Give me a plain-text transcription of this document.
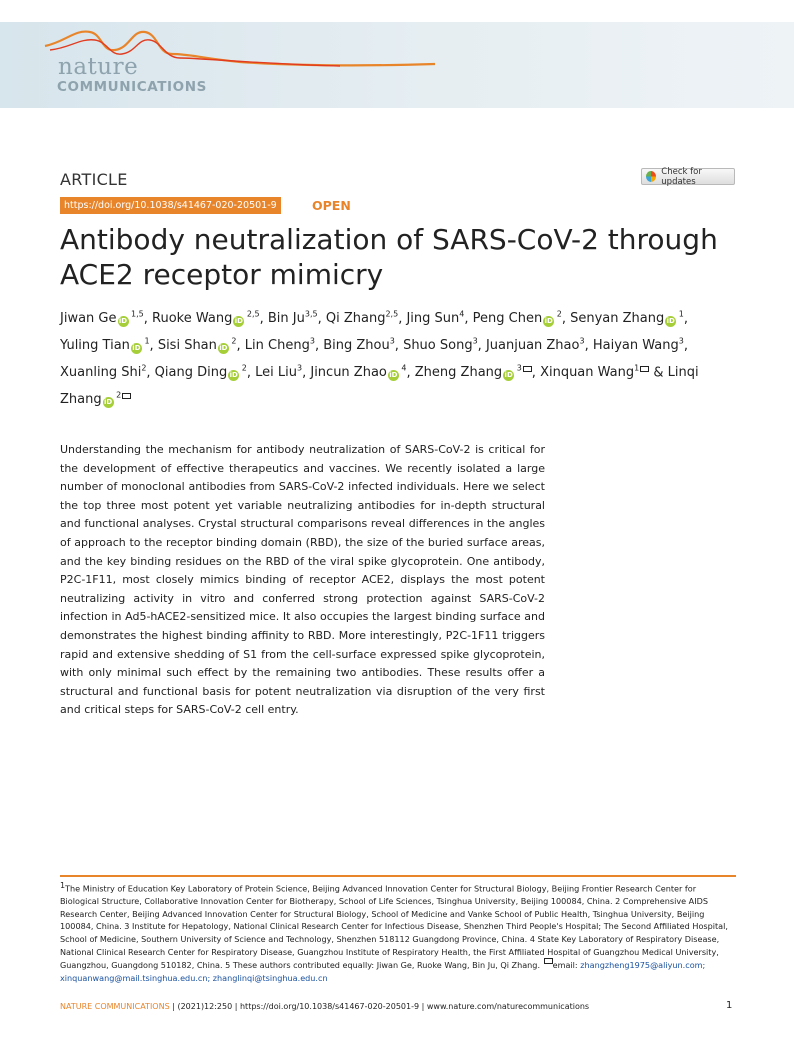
nature
COMMUNICATIONS
ARTICLE	Check for updates
https://doi.org/10.1038/s41467-020-20501-9	OPEN
Antibody neutralization of SARS-CoV-2 through ACE2 receptor mimicry
Jiwan Ge iD $^{1,5}$, Ruoke Wang iD $^{2,5}$, Bin Ju$^{3,5}$, Qi Zhang$^{2,5}$, Jing Sun$^4$, Peng Chen iD $^2$, Senyan Zhang iD $^1$, Yuling Tian iD $^1$, Sisi Shan iD $^2$, Lin Cheng$^3$, Bing Zhou$^3$, Shuo Song$^3$, Juanjuan Zhao$^3$, Haiyan Wang$^3$, Xuanling Shi$^2$, Qiang Ding iD $^2$, Lei Liu$^3$, Jincun Zhao iD $^4$, Zheng Zhang iD $^3$ , Xinquan Wang$^1$ & Linqi Zhang iD $^2$

Understanding the mechanism for antibody neutralization of SARS-CoV-2 is critical for the development of effective therapeutics and vaccines. We recently isolated a large number of monoclonal antibodies from SARS-CoV-2 infected individuals. Here we select the top three most potent yet variable neutralizing antibodies for in-depth structural and functional analyses. Crystal structural comparisons reveal differences in the angles of approach to the receptor binding domain (RBD), the size of the buried surface areas, and the key binding residues on the RBD of the viral spike glycoprotein. One antibody, P2C-1F11, most closely mimics binding of receptor ACE2, displays the most potent neutralizing activity in vitro and conferred strong protection against SARS-CoV-2 infection in Ad5-hACE2-sensitized mice. It also occupies the largest binding surface and demonstrates the highest binding affinity to RBD. More interestingly, P2C-1F11 triggers rapid and extensive shedding of S1 from the cell-surface expressed spike glycoprotein, with only minimal such effect by the remaining two antibodies. These results offer a structural and functional basis for potent neutralization via disruption of the very first and critical steps for SARS-CoV-2 cell entry.

$^1$The Ministry of Education Key Laboratory of Protein Science, Beijing Advanced Innovation Center for Structural Biology, Beijing Frontier Research Center for Biological Structure, Collaborative Innovation Center for Biotherapy, School of Life Sciences, Tsinghua University, Beijing 100084, China. 2 Comprehensive AIDS Research Center, Beijing Advanced Innovation Center for Structural Biology, School of Medicine and Vanke School of Public Health, Tsinghua University, Beijing 100084, China. 3 Institute for Hepatology, National Clinical Research Center for Infectious Disease, Shenzhen Third People's Hospital; The Second Affiliated Hospital, School of Medicine, Southern University of Science and Technology, Shenzhen 518112 Guangdong Province, China. 4 State Key Laboratory of Respiratory Disease, National Clinical Research Center for Respiratory Disease, Guangzhou Institute of Respiratory Health, the First Affiliated Hospital of Guangzhou Medical University, Guangzhou, Guangdong 510182, China. 5 These authors contributed equally: Jiwan Ge, Ruoke Wang, Bin Ju, Qi Zhang. email: zhangzheng1975@aliyun.com; xinquanwang@mail.tsinghua.edu.cn; zhanglinqi@tsinghua.edu.cn

NATURE COMMUNICATIONS | (2021)12:250 | https://doi.org/10.1038/s41467-020-20501-9 | www.nature.com/naturecommunications	1
